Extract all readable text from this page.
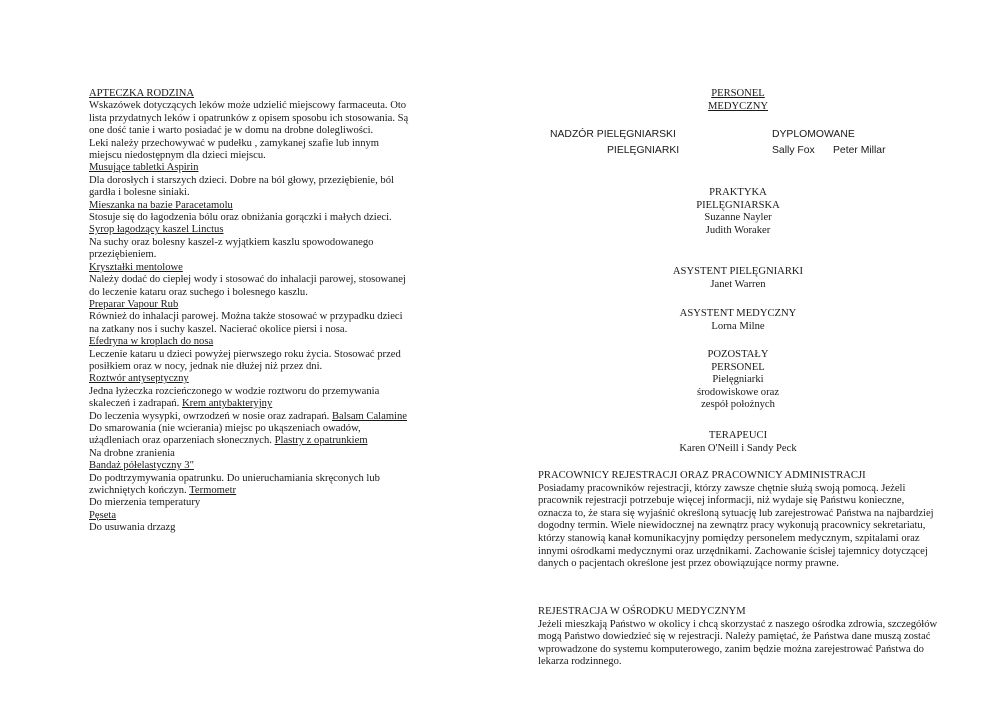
APTECZKA RODZINA

Wskazówek dotyczących leków może udzielić miejscowy farmaceuta. Oto lista przydatnych leków i opatrunków z opisem sposobu ich stosowania. Są one dość tanie i warto posiadać je w domu na drobne dolegliwości.

Leki należy przechowywać w pudełku , zamykanej szafie lub innym miejscu niedostępnym dla dzieci miejscu.

Musujące tabletki Aspirin

Dla dorosłych i starszych dzieci. Dobre na ból głowy, przeziębienie, ból gardła i bolesne siniaki.

Mieszanka na bazie Paracetamolu

Stosuje się do łagodzenia bólu oraz obniżania gorączki i małych dzieci.

Syrop łagodzący kaszel Linctus

Na suchy oraz bolesny kaszel-z wyjątkiem kaszlu spowodowanego przeziębieniem.

Kryształki mentolowe

Należy dodać do ciepłej wody i stosować do inhalacji parowej, stosowanej do leczenie kataru oraz suchego i bolesnego kaszlu.

Preparar Vapour Rub

Również do inhalacji parowej. Można także stosować w przypadku dzieci na zatkany nos i suchy kaszel. Nacierać okolice piersi i nosa.

Efedryna w kroplach do nosa

Leczenie kataru u dzieci powyżej pierwszego roku życia. Stosować przed posiłkiem oraz w nocy, jednak nie dłużej niż przez dni.

Roztwór antyseptyczny

Jedna łyżeczka rozcieńczonego w wodzie roztworu do przemywania skaleczeń i zadrapań. Krem antybakteryjny

Do leczenia wysypki, owrzodzeń w nosie oraz zadrapań. Balsam Calamine

Do smarowania (nie wcierania) miejsc po ukąszeniach owadów, użądleniach oraz oparzeniach słonecznych. Plastry z opatrunkiem

Na drobne zranienia

Bandaż półelastyczny 3"

Do podtrzymywania opatrunku. Do unieruchamiania skręconych lub zwichniętych kończyn. Termometr

Do mierzenia temperatury

Pęseta

Do usuwania drzazg

PERSONEL
MEDYCZNY
NADZÓR PIELĘGNIARSKI
PIELĘGNIARKI
DYPLOMOWANE
Sally Fox Peter Millar
PRAKTYKA
PIELĘGNIARSKA
Suzanne Nayler
Judith Woraker
ASYSTENT PIELĘGNIARKI
Janet Warren
ASYSTENT MEDYCZNY
Lorna Milne
POZOSTAŁY
PERSONEL
Pielęgniarki
środowiskowe oraz
zespół położnych
TERAPEUCI
Karen O'Neill i Sandy Peck

PRACOWNICY REJESTRACJI ORAZ PRACOWNICY ADMINISTRACJI

Posiadamy pracowników rejestracji, którzy zawsze chętnie służą swoją pomocą. Jeżeli pracownik rejestracji potrzebuje więcej informacji, niż wydaje się Państwu konieczne, oznacza to, że stara się wyjaśnić określoną sytuację lub zarejestrować Państwa na najbardziej dogodny termin. Wiele niewidocznej na zewnątrz pracy wykonują pracownicy sekretariatu, którzy stanowią kanał komunikacyjny pomiędzy personelem medycznym, szpitalami oraz innymi ośrodkami medycznymi oraz urzędnikami. Zachowanie ścisłej tajemnicy dotyczącej danych o pacjentach określone jest przez obowiązujące normy prawne.

REJESTRACJA W OŚRODKU MEDYCZNYM

Jeżeli mieszkają Państwo w okolicy i chcą skorzystać z naszego ośrodka zdrowia, szczegółów mogą Państwo dowiedzieć się w rejestracji. Należy pamiętać, że Państwa dane muszą zostać wprowadzone do systemu komputerowego, zanim będzie można zarejestrować Państwa do lekarza rodzinnego.
